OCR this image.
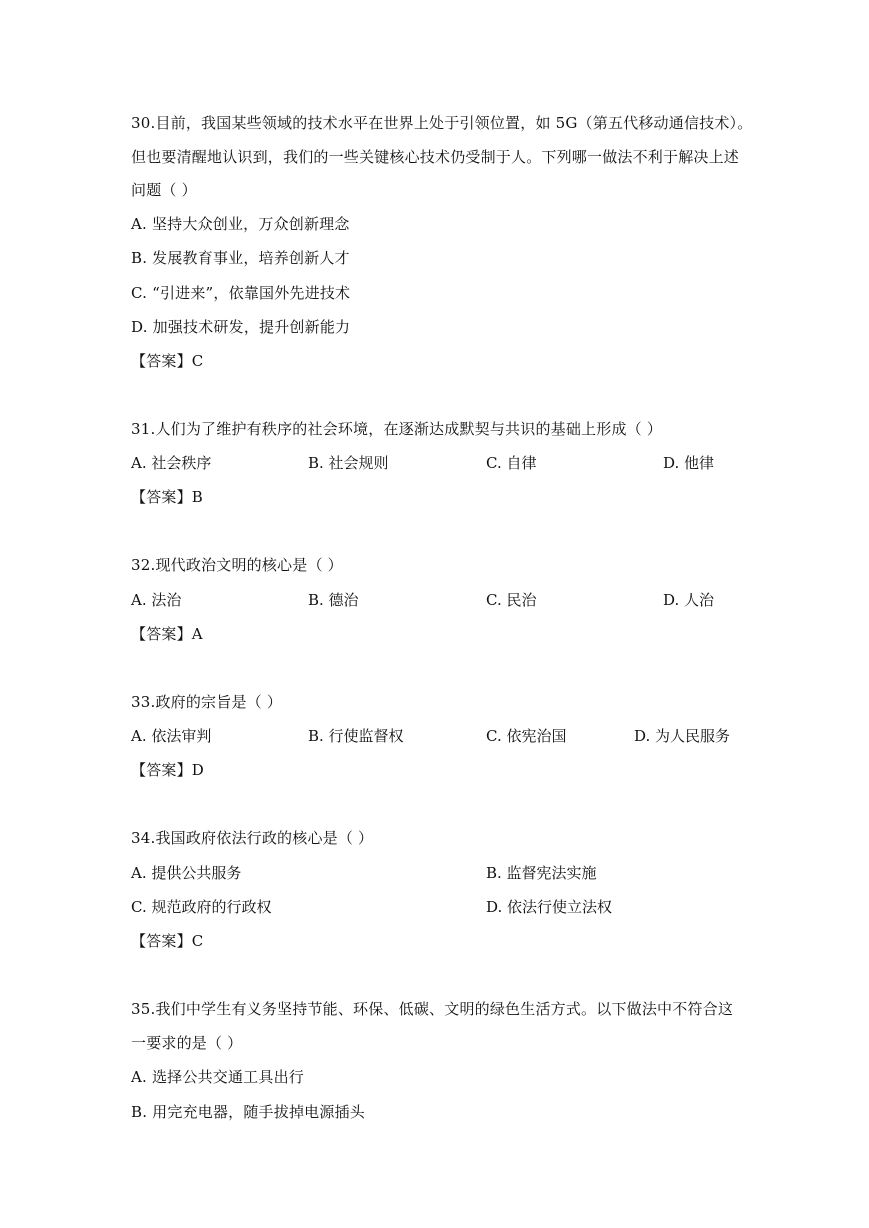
30.目前，我国某些领域的技术水平在世界上处于引领位置，如 5G（第五代移动通信技术）。
但也要清醒地认识到，我们的一些关键核心技术仍受制于人。下列哪一做法不利于解决上述
问题（ ）
A. 坚持大众创业，万众创新理念
B. 发展教育事业，培养创新人才
C. “引进来”，依靠国外先进技术
D. 加强技术研发，提升创新能力
【答案】C
31.人们为了维护有秩序的社会环境，在逐渐达成默契与共识的基础上形成（ ）
A. 社会秩序	B. 社会规则	C. 自律	D. 他律
【答案】B
32.现代政治文明的核心是（ ）
A. 法治	B. 德治	C. 民治	D. 人治
【答案】A
33.政府的宗旨是（ ）
A. 依法审判	B. 行使监督权	C. 依宪治国	D. 为人民服务
【答案】D
34.我国政府依法行政的核心是（ ）
A. 提供公共服务	B. 监督宪法实施
C. 规范政府的行政权	D. 依法行使立法权
【答案】C
35.我们中学生有义务坚持节能、环保、低碳、文明的绿色生活方式。以下做法中不符合这
一要求的是（ ）
A. 选择公共交通工具出行
B. 用完充电器，随手拔掉电源插头
